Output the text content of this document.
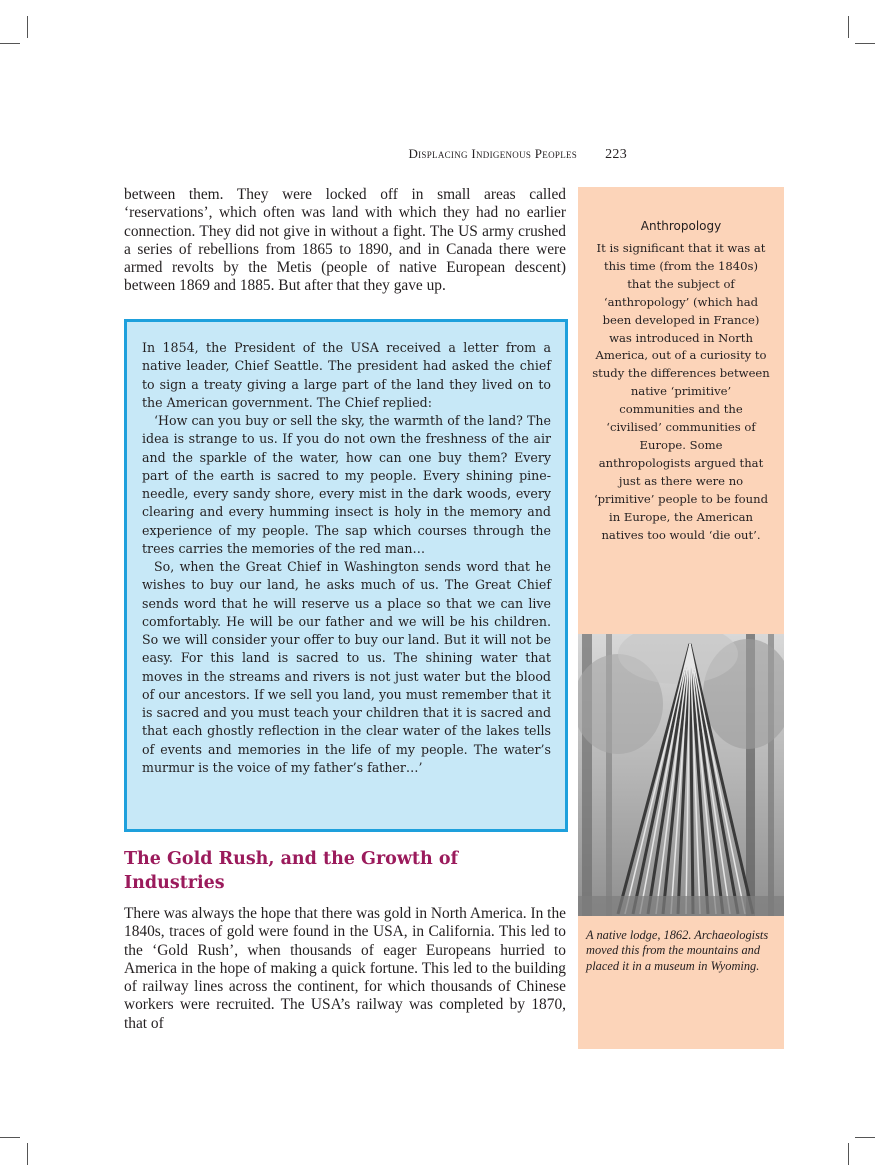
Displacing Indigenous Peoples 223

between them. They were locked off in small areas called ‘reservations’, which often was land with which they had no earlier connection. They did not give in without a fight. The US army crushed a series of rebellions from 1865 to 1890, and in Canada there were armed revolts by the Metis (people of native European descent) between 1869 and 1885. But after that they gave up.

In 1854, the President of the USA received a letter from a native leader, Chief Seattle. The president had asked the chief to sign a treaty giving a large part of the land they lived on to the American government. The Chief replied:

‘How can you buy or sell the sky, the warmth of the land? The idea is strange to us. If you do not own the freshness of the air and the sparkle of the water, how can one buy them? Every part of the earth is sacred to my people. Every shining pine-needle, every sandy shore, every mist in the dark woods, every clearing and every humming insect is holy in the memory and experience of my people. The sap which courses through the trees carries the memories of the red man…

So, when the Great Chief in Washington sends word that he wishes to buy our land, he asks much of us. The Great Chief sends word that he will reserve us a place so that we can live comfortably. He will be our father and we will be his children. So we will consider your offer to buy our land. But it will not be easy. For this land is sacred to us. The shining water that moves in the streams and rivers is not just water but the blood of our ancestors. If we sell you land, you must remember that it is sacred and you must teach your children that it is sacred and that each ghostly reflection in the clear water of the lakes tells of events and memories in the life of my people. The water’s murmur is the voice of my father’s father…’

The Gold Rush, and the Growth of Industries

There was always the hope that there was gold in North America. In the 1840s, traces of gold were found in the USA, in California. This led to the ‘Gold Rush’, when thousands of eager Europeans hurried to America in the hope of making a quick fortune. This led to the building of railway lines across the continent, for which thousands of Chinese workers were recruited. The USA’s railway was completed by 1870, that of

Anthropology
It is significant that it was at this time (from the 1840s) that the subject of ‘anthropology’ (which had been developed in France) was introduced in North America, out of a curiosity to study the differences between native ‘primitive’ communities and the ‘civilised’ communities of Europe. Some anthropologists argued that just as there were no ‘primitive’ people to be found in Europe, the American natives too would ‘die out’.
A native lodge, 1862. Archaeologists moved this from the mountains and placed it in a museum in Wyoming.
